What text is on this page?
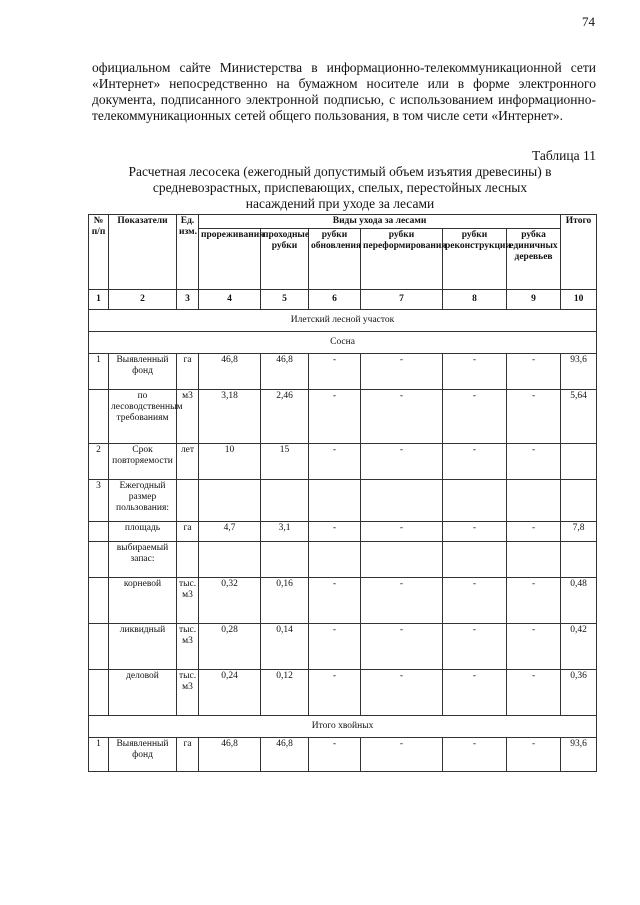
74
официальном сайте Министерства в информационно-телекоммуникационной сети «Интернет» непосредственно на бумажном носителе или в форме электронного документа, подписанного электронной подписью, с использованием информационно-телекоммуникационных сетей общего пользования, в том числе сети «Интернет».
Таблица 11
Расчетная лесосека (ежегодный допустимый объем изъятия древесины) в средневозрастных, приспевающих, спелых, перестойных лесных насаждений при уходе за лесами
№ п/п	Показатели	Ед. изм.	Виды ухода за лесами						Итого
			прореживания	проходные рубки	рубки обновления	рубки переформирования	рубки реконструкции	рубка единичных деревьев	
1	2	3	4	5	6	7	8	9	10
Илетский лесной участок									
Сосна									
1	Выявленный фонд	га	46,8	46,8	-	-	-	-	93,6
	по лесоводственным требованиям	м3	3,18	2,46	-	-	-	-	5,64
2	Срок повторяемости	лет	10	15	-	-	-	-	
3	Ежегодный размер пользования:								
	площадь	га	4,7	3,1	-	-	-	-	7,8
	выбираемый запас:								
	корневой	тыс. м3	0,32	0,16	-	-	-	-	0,48
	ликвидный	тыс. м3	0,28	0,14	-	-	-	-	0,42
	деловой	тыс. м3	0,24	0,12	-	-	-	-	0,36
Итого хвойных									
1	Выявленный фонд	га	46,8	46,8	-	-	-	-	93,6
